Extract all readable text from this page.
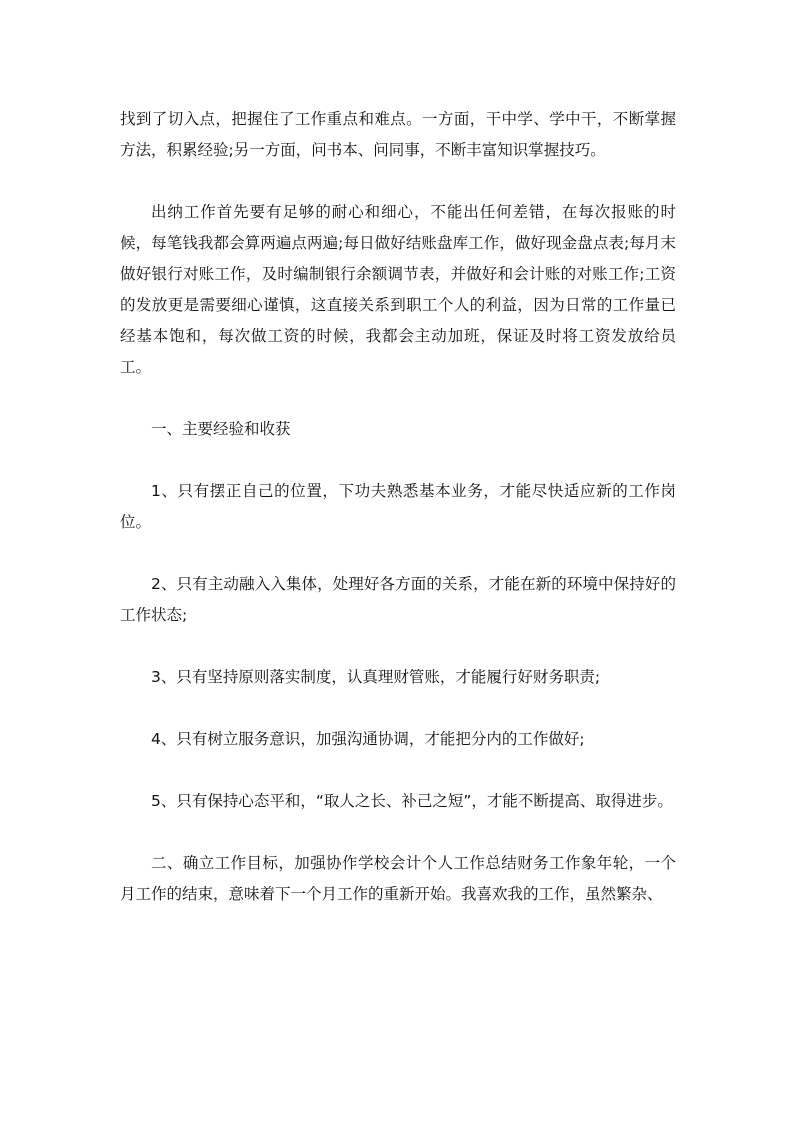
找到了切入点，把握住了工作重点和难点。一方面，干中学、学中干，不断掌握方法，积累经验;另一方面，问书本、问同事，不断丰富知识掌握技巧。

出纳工作首先要有足够的耐心和细心，不能出任何差错，在每次报账的时候，每笔钱我都会算两遍点两遍;每日做好结账盘库工作，做好现金盘点表;每月末做好银行对账工作，及时编制银行余额调节表，并做好和会计账的对账工作;工资的发放更是需要细心谨慎，这直接关系到职工个人的利益，因为日常的工作量已经基本饱和，每次做工资的时候，我都会主动加班，保证及时将工资发放给员工。

一、主要经验和收获

1、只有摆正自己的位置，下功夫熟悉基本业务，才能尽快适应新的工作岗位。

2、只有主动融入入集体，处理好各方面的关系，才能在新的环境中保持好的工作状态;

3、只有坚持原则落实制度，认真理财管账，才能履行好财务职责;

4、只有树立服务意识，加强沟通协调，才能把分内的工作做好;

5、只有保持心态平和，“取人之长、补己之短”，才能不断提高、取得进步。

二、确立工作目标，加强协作学校会计个人工作总结财务工作象年轮，一个月工作的结束，意味着下一个月工作的重新开始。我喜欢我的工作，虽然繁杂、
